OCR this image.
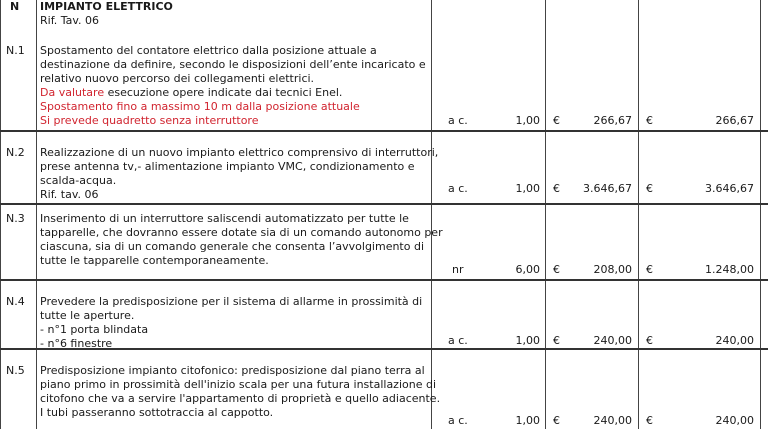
N IMPIANTO ELETTRICO
Rif. Tav. 06
N.1 Spostamento del contatore elettrico dalla posizione attuale a
destinazione da definire, secondo le disposizioni dell’ente incaricato e
relativo nuovo percorso dei collegamenti elettrici.
Da valutare esecuzione opere indicate dai tecnici Enel.
Spostamento fino a massimo 10 m dalla posizione attuale
Si prevede quadretto senza interruttore	a c.	1,00 €	266,67 €	266,67
N.2 Realizzazione di un nuovo impianto elettrico comprensivo di interruttori,
prese antenna tv,- alimentazione impianto VMC, condizionamento e
scalda-acqua.
Rif. tav. 06	a c.	1,00 €	3.646,67 €	3.646,67
N.3 Inserimento di un interruttore saliscendi automatizzato per tutte le
tapparelle, che dovranno essere dotate sia di un comando autonomo per
ciascuna, sia di un comando generale che consenta l’avvolgimento di
tutte le tapparelle contemporaneamente.
nr	6,00 €	208,00 €	1.248,00
N.4 Prevedere la predisposizione per il sistema di allarme in prossimità di
tutte le aperture.
- n°1 porta blindata
- n°6 finestre	a c.	1,00 €	240,00 €	240,00
N.5 Predisposizione impianto citofonico: predisposizione dal piano terra al
piano primo in prossimità dell'inizio scala per una futura installazione di
citofono che va a servire l'appartamento di proprietà e quello adiacente.
I tubi passeranno sottotraccia al cappotto.
a c.	1,00 €	240,00 €	240,00
